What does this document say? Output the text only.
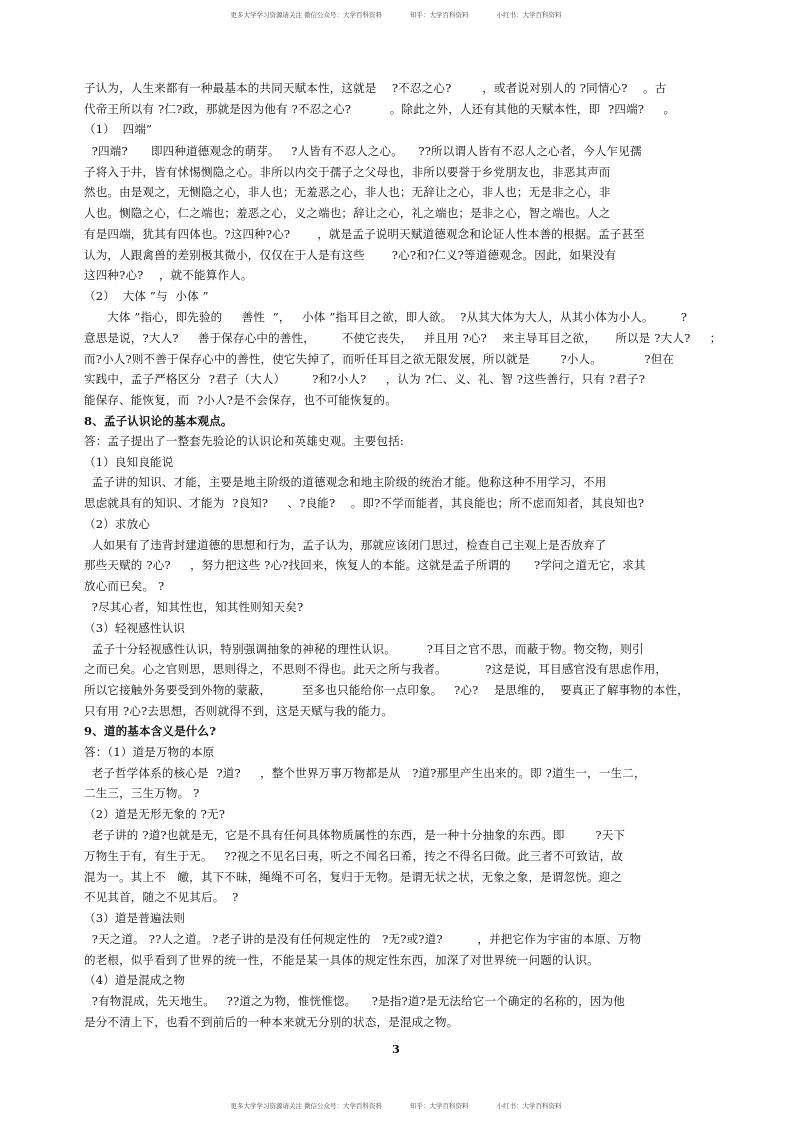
更多大学学习资源请关注 微信公众号：大学百科资料	知乎：大学百科资料	小红书：大学百科资料
子认为，人生来都有一种最基本的共同天赋本性，这就是    ?不忍之心?        ，或者说对别人的 ?同情心?    。古
代帝王所以有 ?仁?政，那就是因为他有 ?不忍之心?          。除此之外，人还有其他的天赋本性，即  ?四端?     。
（1）  四端”
?四端?      即四种道德观念的萌芽。   ?人皆有不忍人之心。    ??所以谓人皆有不忍人之心者，今人乍见孺
子将入于井，皆有怵惕恻隐之心。非所以内交于孺子之父母也，非所以要誉于乡党朋友也，非恶其声而
然也。由是观之，无恻隐之心，非人也；无羞恶之心，非人也；无辞让之心，非人也；无是非之心，非
人也。恻隐之心，仁之端也；羞恶之心，义之端也；辞让之心，礼之端也；是非之心，智之端也。人之
有是四端，犹其有四体也。?这四种?心?       ，就是孟子说明天赋道德观念和论证人性本善的根据。孟子甚至
认为，人跟禽兽的差别极其微小，仅仅在于人是有这些       ?心?和?仁义?等道德观念。因此，如果没有
这四种?心?    ，就不能算作人。
（2）  大体 ”与  小体 ”
大体 ”指心，即先验的     善性  ”，   小体 ”指耳目之欲，即人欲。  ?从其大体为大人，从其小体为小人。       ?
意思是说，?大人?     善于保存心中的善性，       不使它丧失，   并且用 ?心?    来主导耳目之欲，     所以是 ?大人?     ；
而?小人?则不善于保存心中的善性，使它失掉了，而听任耳目之欲无限发展，所以就是        ?小人。           ?但在
实践中，孟子严格区分  ?君子（大人）       ?和?小人?     ，认为 ?仁、义、礼、智 ?这些善行，只有 ?君子?
能保存、能恢复，而  ?小人?是不会保存，也不可能恢复的。
8、孟子认识论的基本观点。
答：孟子提出了一整套先验论的认识论和英雄史观。主要包括:
（1）良知良能说
孟子讲的知识、才能，主要是地主阶级的道德观念和地主阶级的统治才能。他称这种不用学习，不用
思虑就具有的知识、才能为  ?良知?     、?良能?    。即?不学而能者，其良能也；所不虑而知者，其良知也?
（2）求放心
人如果有了违背封建道德的思想和行为，孟子认为，那就应该闭门思过，检查自己主观上是否放弃了
那些天赋的 ?心?     ，努力把这些 ?心?找回来，恢复人的本能。这就是孟子所谓的      ?学问之道无它，求其
放心而已矣。 ?
?尽其心者，知其性也，知其性则知天矣?
（3）轻视感性认识
孟子十分轻视感性认识，特别强调抽象的神秘的理性认识。        ?耳目之官不思，而蔽于物。物交物，则引
之而已矣。心之官则思，思则得之，不思则不得也。此天之所与我者。          ?这是说，耳目感官没有思虑作用，
所以它接触外务要受到外物的蒙蔽，        至多也只能给你一点印象。   ?心?    是思维的，  要真正了解事物的本性，
只有用 ?心?去思想，否则就得不到，这是天赋与我的能力。
9、道的基本含义是什么?
答：（1）道是万物的本原
老子哲学体系的核心是  ?道?     ，整个世界万事万物都是从   ?道?那里产生出来的。即 ?道生一，一生二，
二生三，三生万物。 ?
（2）道是无形无象的 ?无?
老子讲的 ?道?也就是无，它是不具有任何具体物质属性的东西，是一种十分抽象的东西。即        ?天下
万物生于有，有生于无。   ??视之不见名曰夷，听之不闻名曰希，抟之不得名曰微。此三者不可致诘，故
混为一。其上不   皦，其下不昧，绳绳不可名，复归于无物。是谓无状之状，无象之象，是谓忽恍。迎之
不见其首，随之不见其后。  ?
（3）道是普遍法则
?天之道。 ??人之道。 ?老子讲的是没有任何规定性的   ?无?或?道?         ，并把它作为宇宙的本原、万物
的老根，似乎看到了世界的统一性，不能是某一具体的规定性东西，加深了对世界统一问题的认识。
（4）道是混成之物
?有物混成，先天地生。   ??道之为物，惟恍惟惚。    ?是指?道?是无法给它一个确定的名称的，因为他
是分不清上下，也看不到前后的一种本来就无分别的状态，是混成之物。
3
更多大学学习资源请关注 微信公众号：大学百科资料	知乎：大学百科资料	小红书：大学百科资料
